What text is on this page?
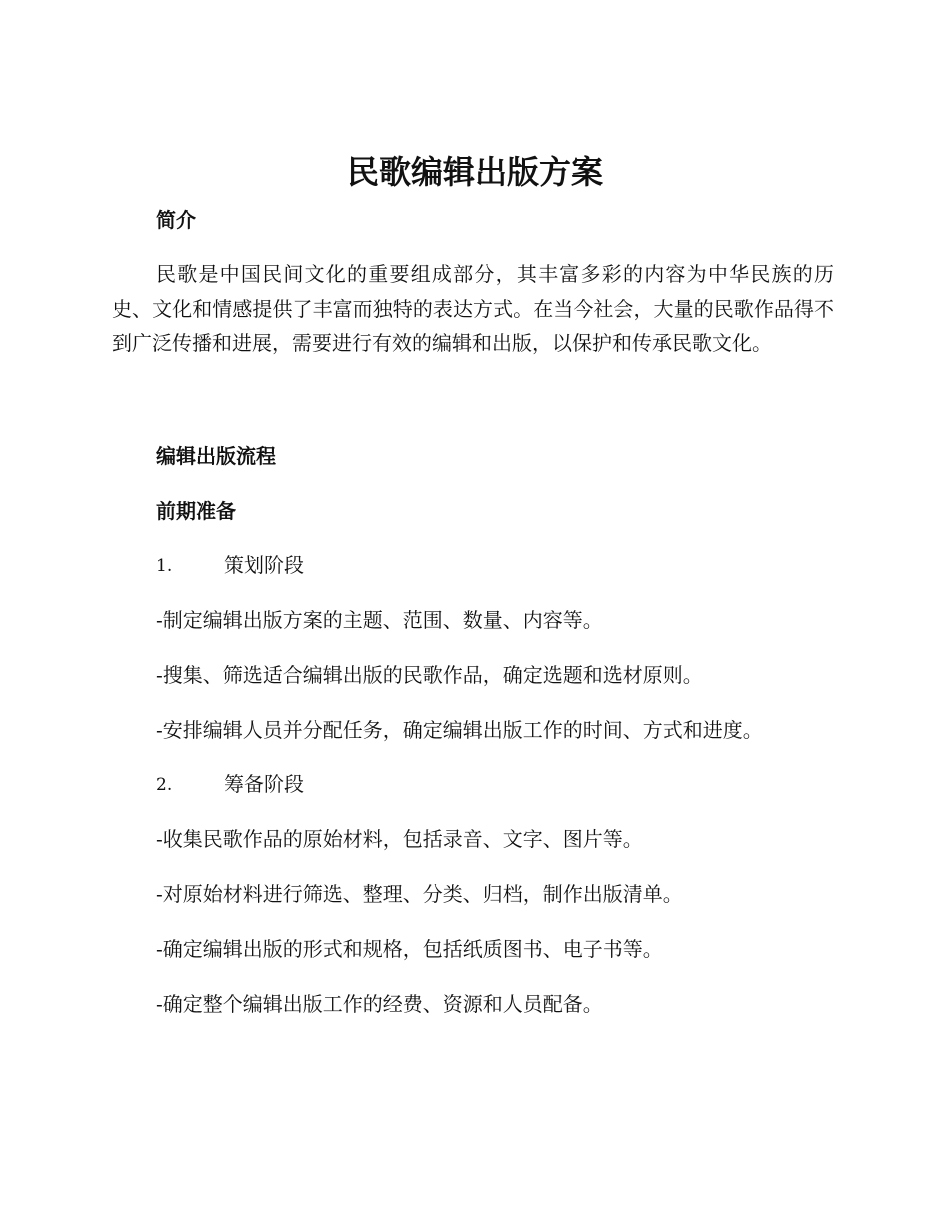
民歌编辑出版方案
简介

民歌是中国民间文化的重要组成部分，其丰富多彩的内容为中华民族的历史、文化和情感提供了丰富而独特的表达方式。在当今社会，大量的民歌作品得不到广泛传播和进展，需要进行有效的编辑和出版，以保护和传承民歌文化。

编辑出版流程
前期准备
1.	策划阶段

-制定编辑出版方案的主题、范围、数量、内容等。

-搜集、筛选适合编辑出版的民歌作品，确定选题和选材原则。

-安排编辑人员并分配任务，确定编辑出版工作的时间、方式和进度。

2.	筹备阶段

-收集民歌作品的原始材料，包括录音、文字、图片等。

-对原始材料进行筛选、整理、分类、归档，制作出版清单。

-确定编辑出版的形式和规格，包括纸质图书、电子书等。

-确定整个编辑出版工作的经费、资源和人员配备。
